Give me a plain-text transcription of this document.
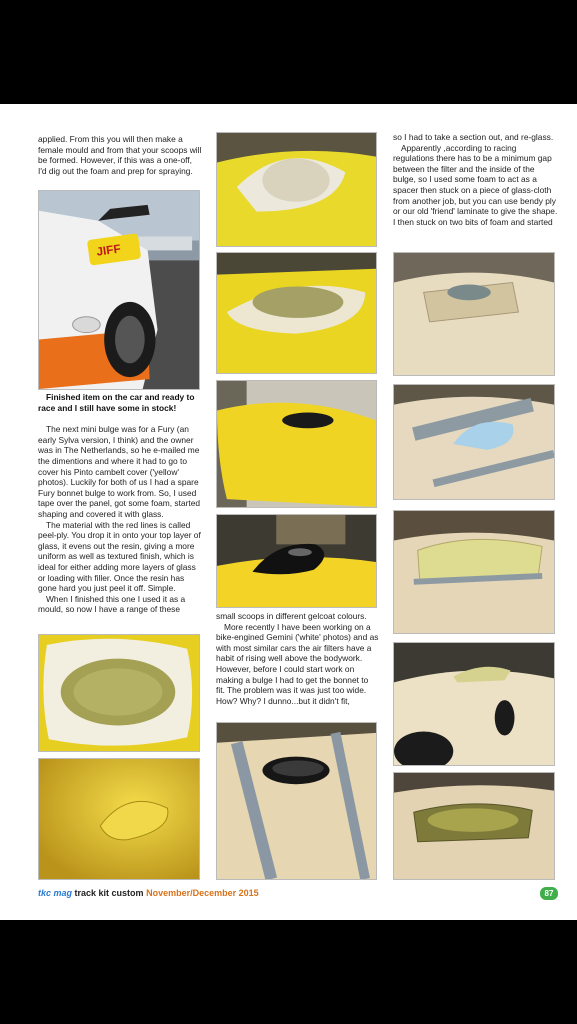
applied. From this you will then make a female mould and from that your scoops will be formed. However, if this was a one-off, I'd dig out the foam and prep for spraying.

JIFF

Finished item on the car and ready to race and I still have some in stock!

The next mini bulge was for a Fury (an early Sylva version, I think) and the owner was in The Netherlands, so he e-mailed me the dimentions and where it had to go to cover his Pinto cambelt cover ('yellow' photos). Luckily for both of us I had a spare Fury bonnet bulge to work from. So, I used tape over the panel, got some foam, started shaping and covered it with glass.

The material with the red lines is called peel-ply. You drop it in onto your top layer of glass, it evens out the resin, giving a more uniform as well as textured finish, which is ideal for either adding more layers of glass or loading with filler. Once the resin has gone hard you just peel it off. Simple.

When I finished this one I used it as a mould, so now I have a range of these

small scoops in different gelcoat colours.

More recently I have been working on a bike-engined Gemini ('white' photos) and as with most similar cars the air filters have a habit of rising well above the bodywork. However, before I could start work on making a bulge I had to get the bonnet to fit. The problem was it was just too wide. How? Why? I dunno...but it didn't fit,

so I had to take a section out, and re-glass.

Apparently ,according to racing regulations there has to be a minimum gap between the filter and the inside of the bulge, so I used some foam to act as a spacer then stuck on a piece of glass-cloth from another job, but you can use bendy ply or our old 'friend' laminate to give the shape. I then stuck on two bits of foam and started

tkc mag track kit custom November/December 2015	87
